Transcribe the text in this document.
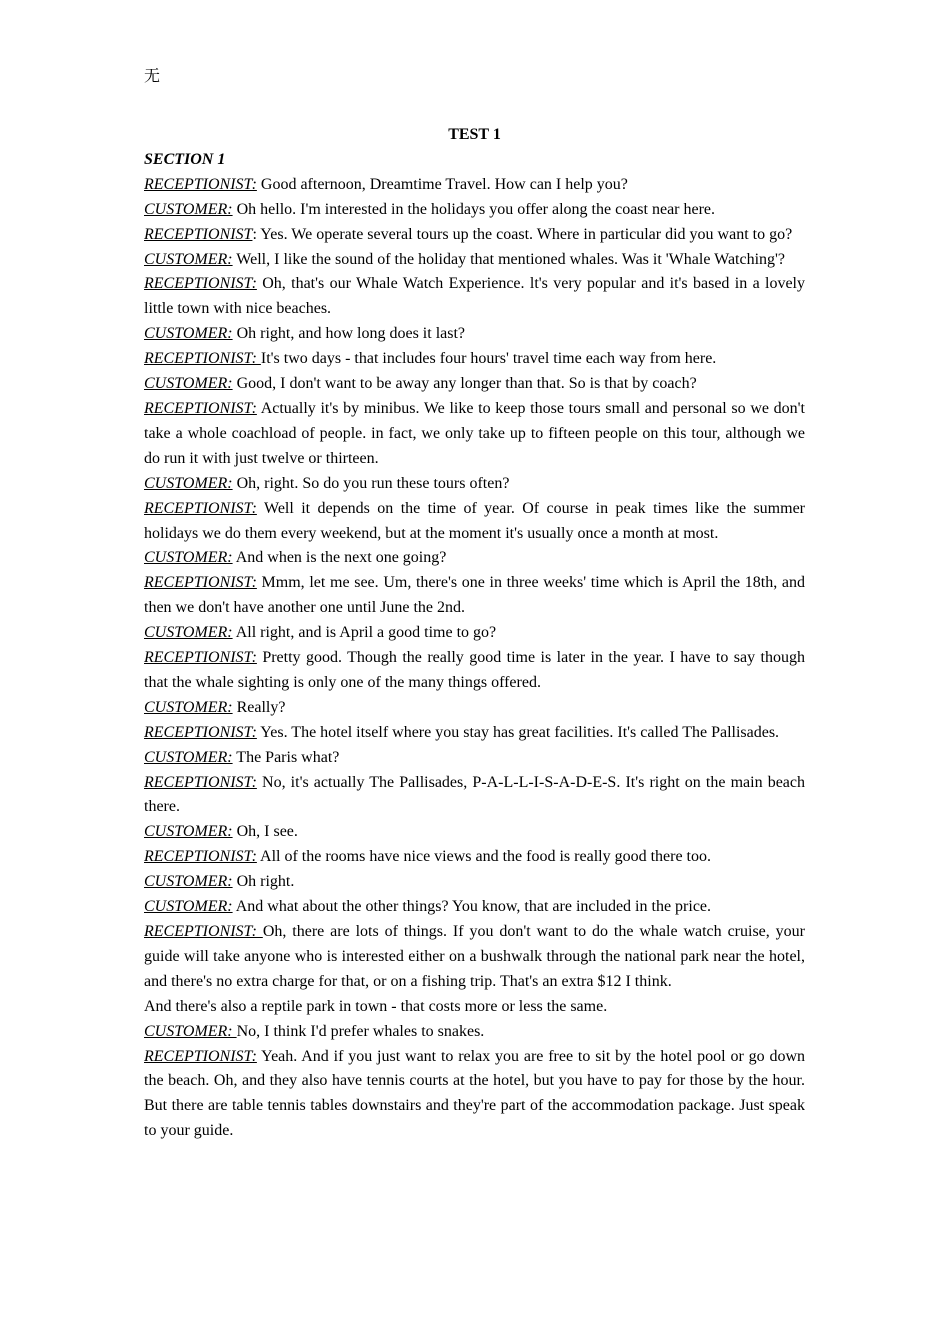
无

TEST 1

SECTION 1

RECEPTIONIST: Good afternoon, Dreamtime Travel. How can I help you?

CUSTOMER: Oh hello. I'm interested in the holidays you offer along the coast near here.

RECEPTIONIST: Yes. We operate several tours up the coast. Where in particular did you want to go?

CUSTOMER: Well, I like the sound of the holiday that mentioned whales. Was it 'Whale Watching'?

RECEPTIONIST: Oh, that's our Whale Watch Experience. lt's very popular and it's based in a lovely little town with nice beaches.

CUSTOMER: Oh right, and how long does it last?

RECEPTIONIST: It's two days - that includes four hours' travel time each way from here.

CUSTOMER: Good, I don't want to be away any longer than that. So is that by coach?

RECEPTIONIST: Actually it's by minibus. We like to keep those tours small and personal so we don't take a whole coachload of people. in fact, we only take up to fifteen people on this tour, although we do run it with just twelve or thirteen.

CUSTOMER: Oh, right. So do you run these tours often?

RECEPTIONIST: Well it depends on the time of year. Of course in peak times like the summer holidays we do them every weekend, but at the moment it's usually once a month at most.

CUSTOMER: And when is the next one going?

RECEPTIONIST: Mmm, let me see. Um, there's one in three weeks' time which is April the 18th, and then we don't have another one until June the 2nd.

CUSTOMER: All right, and is April a good time to go?

RECEPTIONIST: Pretty good. Though the really good time is later in the year. I have to say though that the whale sighting is only one of the many things offered.

CUSTOMER: Really?

RECEPTIONIST: Yes. The hotel itself where you stay has great facilities. It's called The Pallisades.

CUSTOMER: The Paris what?

RECEPTIONIST: No, it's actually The Pallisades, P-A-L-L-I-S-A-D-E-S. It's right on the main beach there.

CUSTOMER: Oh, I see.

RECEPTIONIST: All of the rooms have nice views and the food is really good there too.

CUSTOMER: Oh right.

CUSTOMER: And what about the other things? You know, that are included in the price.

RECEPTIONIST: Oh, there are lots of things. If you don't want to do the whale watch cruise, your guide will take anyone who is interested either on a bushwalk through the national park near the hotel, and there's no extra charge for that, or on a fishing trip. That's an extra $12 I think.

And there's also a reptile park in town - that costs more or less the same.

CUSTOMER: No, I think I'd prefer whales to snakes.

RECEPTIONIST: Yeah. And if you just want to relax you are free to sit by the hotel pool or go down the beach. Oh, and they also have tennis courts at the hotel, but you have to pay for those by the hour. But there are table tennis tables downstairs and they're part of the accommodation package. Just speak to your guide.
